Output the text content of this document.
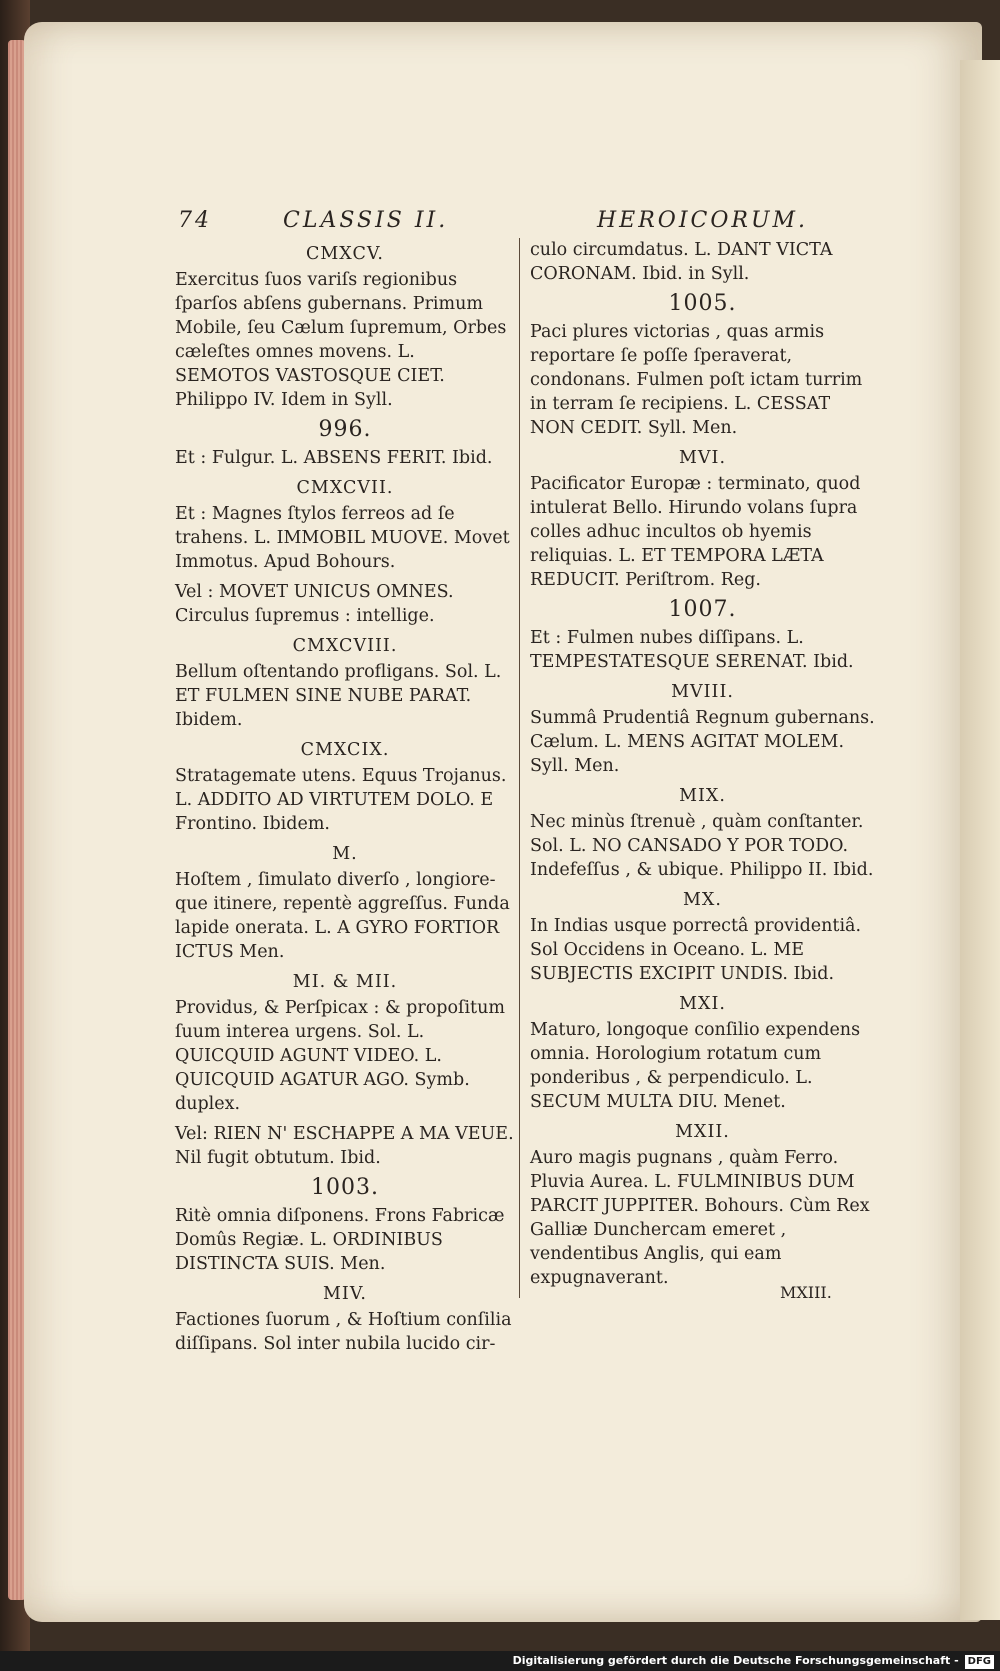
74	CLASSIS II.	HEROICORUM.
CMXCV.
Exercitus ſuos variſs regionibus ſparſos abſens gubernans. Primum Mobile, ſeu Cælum ſupremum, Orbes cæleſtes omnes movens. L. SEMOTOS VASTOSQUE CIET. Philippo IV. Idem in Syll.
996.
Et : Fulgur. L. ABSENS FERIT. Ibid.
CMXCVII.
Et : Magnes ſtylos ferreos ad ſe trahens. L. IMMOBIL MUOVE. Movet Immotus. Apud Bohours.
Vel : MOVET UNICUS OMNES. Circulus ſupremus : intellige.
CMXCVIII.
Bellum oſtentando profligans. Sol. L. ET FULMEN SINE NUBE PARAT. Ibidem.
CMXCIX.
Stratagemate utens. Equus Trojanus. L. ADDITO AD VIRTUTEM DOLO. E Frontino. Ibidem.
M.
Hoſtem , ſimulato diverſo , longiore-que itinere, repentè aggreſſus. Funda lapide onerata. L. A GYRO FORTIOR ICTUS Men.
MI. & MII.
Providus, & Perſpicax : & propoſitum ſuum interea urgens. Sol. L. QUICQUID AGUNT VIDEO. L. QUICQUID AGATUR AGO. Symb. duplex.
Vel: RIEN N' ESCHAPPE A MA VEUE. Nil fugit obtutum. Ibid.
1003.
Ritè omnia diſponens. Frons Fabricæ Domûs Regiæ. L. ORDINIBUS DISTINCTA SUIS. Men.
MIV.
Factiones ſuorum , & Hoſtium conſilia diſſipans. Sol inter nubila lucido cir-
culo circumdatus. L. DANT VICTA CORONAM. Ibid. in Syll.
1005.
Paci plures victorias , quas armis reportare ſe poſſe ſperaverat, condonans. Fulmen poſt ictam turrim in terram ſe recipiens. L. CESSAT NON CEDIT. Syll. Men.
MVI.
Pacificator Europæ : terminato, quod intulerat Bello. Hirundo volans ſupra colles adhuc incultos ob hyemis reliquias. L. ET TEMPORA LÆTA REDUCIT. Periſtrom. Reg.
1007.
Et : Fulmen nubes diſſipans. L. TEMPESTATESQUE SERENAT. Ibid.
MVIII.
Summâ Prudentiâ Regnum gubernans. Cælum. L. MENS AGITAT MOLEM. Syll. Men.
MIX.
Nec minùs ſtrenuè , quàm conſtanter. Sol. L. NO CANSADO Y POR TODO. Indefeſſus , & ubique. Philippo II. Ibid.
MX.
In Indias usque porrectâ providentiâ. Sol Occidens in Oceano. L. ME SUBJECTIS EXCIPIT UNDIS. Ibid.
MXI.
Maturo, longoque conſilio expendens omnia. Horologium rotatum cum ponderibus , & perpendiculo. L. SECUM MULTA DIU. Menet.
MXII.
Auro magis pugnans , quàm Ferro. Pluvia Aurea. L. FULMINIBUS DUM PARCIT JUPPITER. Bohours. Cùm Rex Galliæ Dunchercam emeret , vendentibus Anglis, qui eam expugnaverant.
MXIII.
Digitalisierung gefördert durch die Deutsche Forschungsgemeinschaft - DFG
